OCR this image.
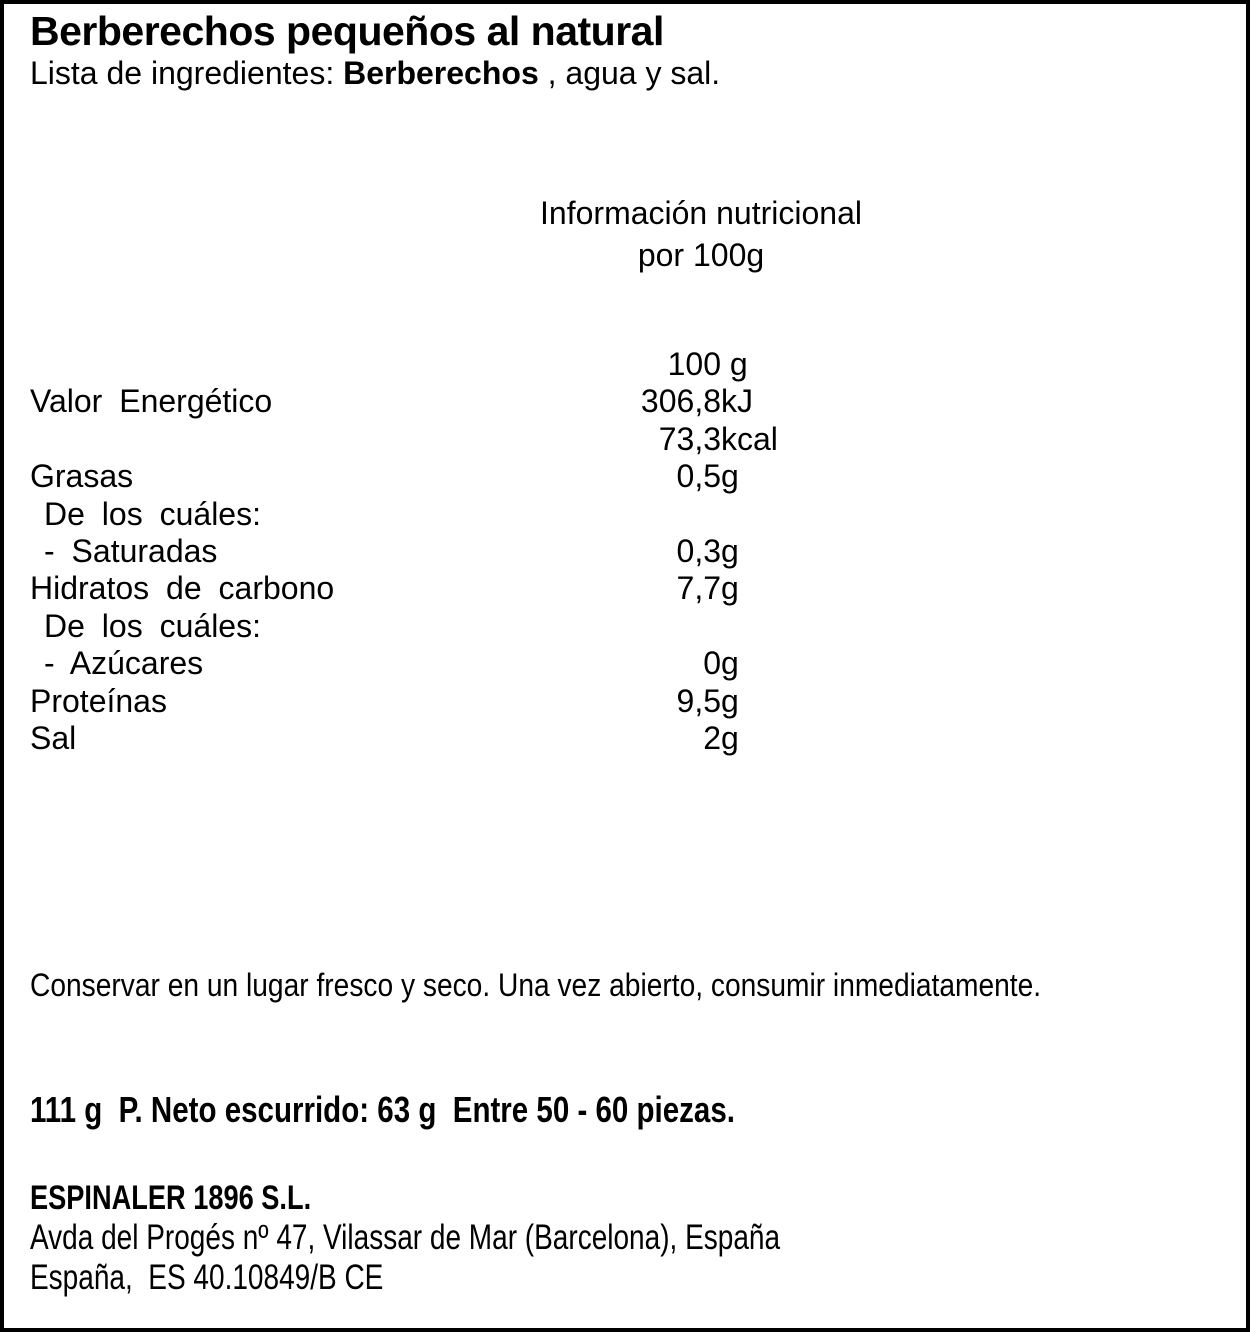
Berberechos pequeños al natural
Lista de ingredientes: Berberechos , agua y sal.
Información nutricional
por 100g
100 g
Valor Energético	306,8 kJ
73,3 kcal
Grasas	0,5 g
De los cuáles:
- Saturadas	0,3 g
Hidratos de carbono	7,7 g
De los cuáles:
- Azúcares	0 g
Proteínas	9,5 g
Sal	2 g
Conservar en un lugar fresco y seco. Una vez abierto, consumir inmediatamente.
111 g  P. Neto escurrido: 63 g  Entre 50 - 60 piezas.
ESPINALER 1896 S.L.
Avda del Progés nº 47, Vilassar de Mar (Barcelona), España
España,  ES 40.10849/B CE
